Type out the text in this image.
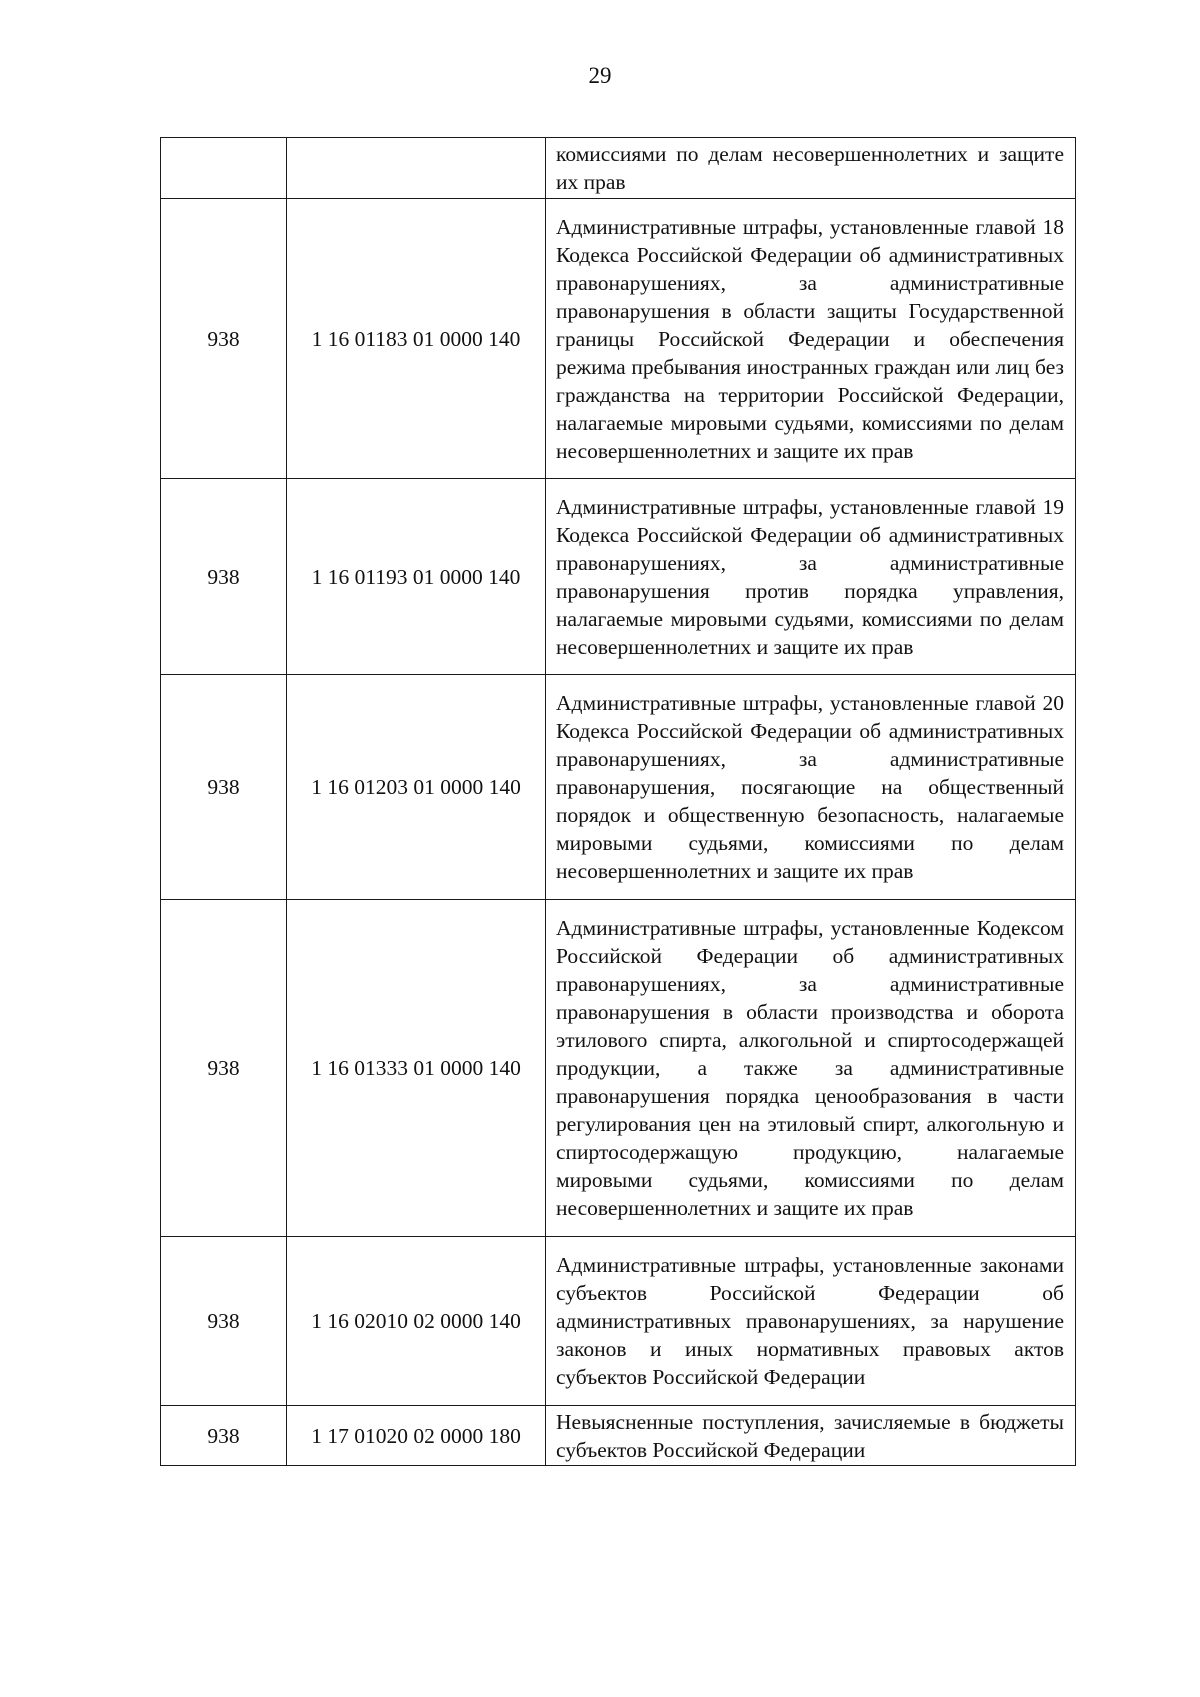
29

		комиссиями по делам несовершеннолетних и защите их прав

938	1 16 01183 01 0000 140	Административные штрафы, установленные главой 18 Кодекса Российской Федерации об административных правонарушениях, за административные правонарушения в области защиты Государственной границы Российской Федерации и обеспечения режима пребывания иностранных граждан или лиц без гражданства на территории Российской Федерации, налагаемые мировыми судьями, комиссиями по делам несовершеннолетних и защите их прав

938	1 16 01193 01 0000 140	Административные штрафы, установленные главой 19 Кодекса Российской Федерации об административных правонарушениях, за административные правонарушения против порядка управления, налагаемые мировыми судьями, комиссиями по делам несовершеннолетних и защите их прав

938	1 16 01203 01 0000 140	Административные штрафы, установленные главой 20 Кодекса Российской Федерации об административных правонарушениях, за административные правонарушения, посягающие на общественный порядок и общественную безопасность, налагаемые мировыми судьями, комиссиями по делам несовершеннолетних и защите их прав

938	1 16 01333 01 0000 140	Административные штрафы, установленные Кодексом Российской Федерации об административных правонарушениях, за административные правонарушения в области производства и оборота этилового спирта, алкогольной и спиртосодержащей продукции, а также за административные правонарушения порядка ценообразования в части регулирования цен на этиловый спирт, алкогольную и спиртосодержащую продукцию, налагаемые мировыми судьями, комиссиями по делам несовершеннолетних и защите их прав

938	1 16 02010 02 0000 140	Административные штрафы, установленные законами субъектов Российской Федерации об административных правонарушениях, за нарушение законов и иных нормативных правовых актов субъектов Российской Федерации

938	1 17 01020 02 0000 180	Невыясненные поступления, зачисляемые в бюджеты субъектов Российской Федерации
